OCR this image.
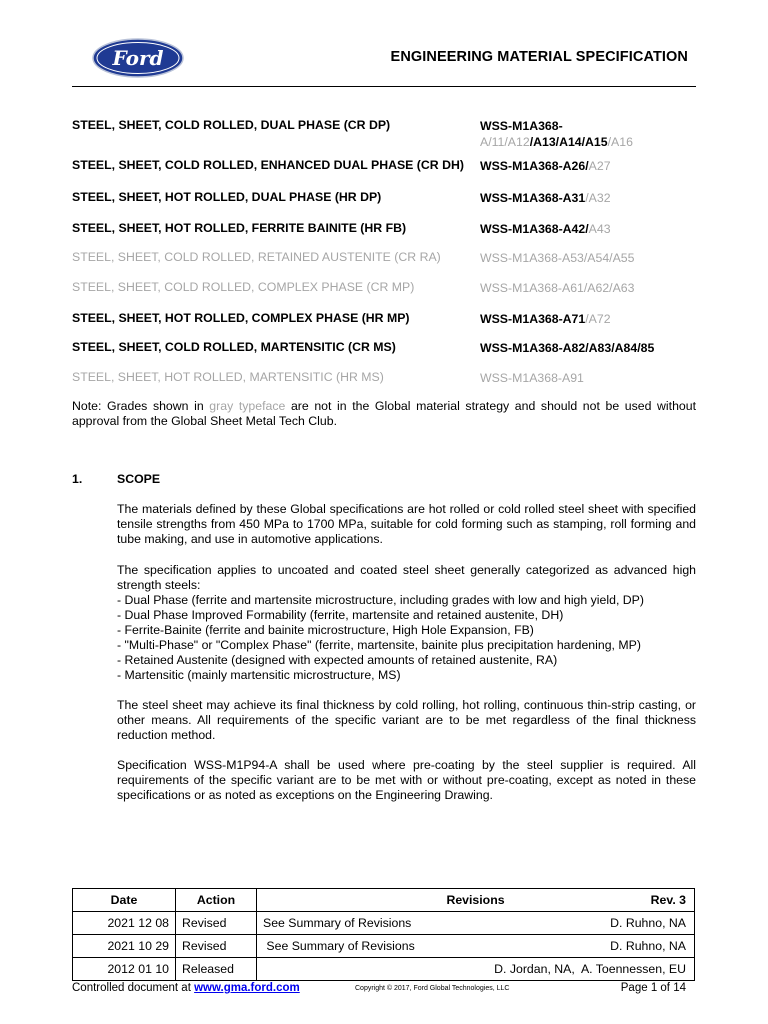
Ford	ENGINEERING MATERIAL SPECIFICATION
STEEL, SHEET, COLD ROLLED, DUAL PHASE (CR DP)	WSS-M1A368-A/11/A12/A13/A14/A15/A16
STEEL, SHEET, COLD ROLLED, ENHANCED DUAL PHASE (CR DH) WSS-M1A368-A26/A27
STEEL, SHEET, HOT ROLLED, DUAL PHASE (HR DP)	WSS-M1A368-A31/A32
STEEL, SHEET, HOT ROLLED, FERRITE BAINITE (HR FB)	WSS-M1A368-A42/A43
STEEL, SHEET, COLD ROLLED, RETAINED AUSTENITE (CR RA)	WSS-M1A368-A53/A54/A55
STEEL, SHEET, COLD ROLLED, COMPLEX PHASE (CR MP)	WSS-M1A368-A61/A62/A63
STEEL, SHEET, HOT ROLLED, COMPLEX PHASE (HR MP)	WSS-M1A368-A71/A72
STEEL, SHEET, COLD ROLLED, MARTENSITIC (CR MS)	WSS-M1A368-A82/A83/A84/85
STEEL, SHEET, HOT ROLLED, MARTENSITIC (HR MS)	WSS-M1A368-A91
Note: Grades shown in gray typeface are not in the Global material strategy and should not be used without approval from the Global Sheet Metal Tech Club.
1.	SCOPE
The materials defined by these Global specifications are hot rolled or cold rolled steel sheet with specified tensile strengths from 450 MPa to 1700 MPa, suitable for cold forming such as stamping, roll forming and tube making, and use in automotive applications.
The specification applies to uncoated and coated steel sheet generally categorized as advanced high strength steels:
- Dual Phase (ferrite and martensite microstructure, including grades with low and high yield, DP)
- Dual Phase Improved Formability (ferrite, martensite and retained austenite, DH)
- Ferrite-Bainite (ferrite and bainite microstructure, High Hole Expansion, FB)
- "Multi-Phase" or "Complex Phase" (ferrite, martensite, bainite plus precipitation hardening, MP)
- Retained Austenite (designed with expected amounts of retained austenite, RA)
- Martensitic (mainly martensitic microstructure, MS)
The steel sheet may achieve its final thickness by cold rolling, hot rolling, continuous thin-strip casting, or other means. All requirements of the specific variant are to be met regardless of the final thickness reduction method.
Specification WSS-M1P94-A shall be used where pre-coating by the steel supplier is required. All requirements of the specific variant are to be met with or without pre-coating, except as noted in these specifications or as noted as exceptions on the Engineering Drawing.
Date	Action	Revisions Rev. 3

2021 12 08	Revised	See Summary of Revisions D. Ruhno, NA

2021 10 29	Revised	See Summary of Revisions D. Ruhno, NA

2012 01 10	Released	D. Jordan, NA,  A. Toennessen, EU
Controlled document at www.gma.ford.com	Copyright © 2017, Ford Global Technologies, LLC	Page 1 of 14
